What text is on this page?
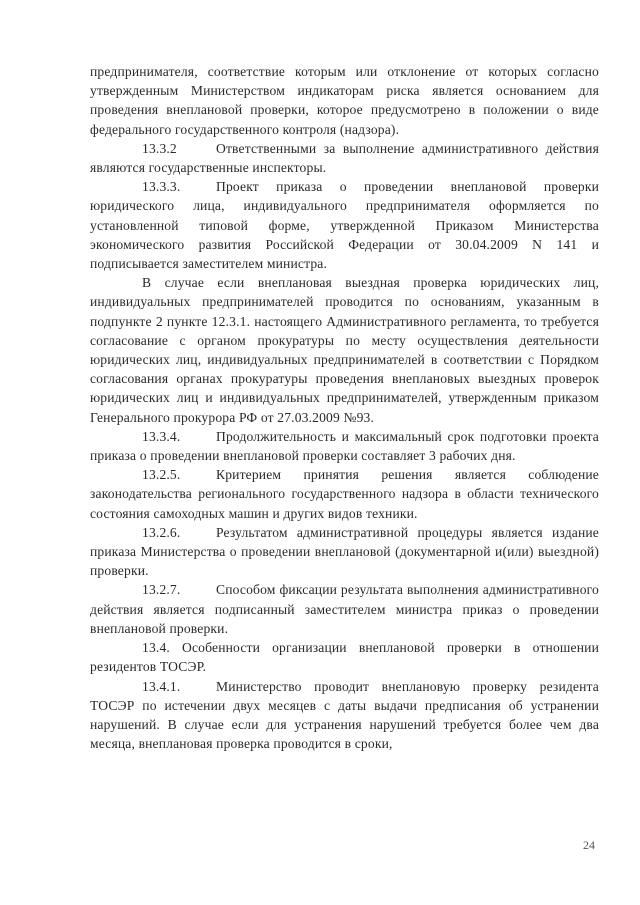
предпринимателя, соответствие которым или отклонение от которых согласно утвержденным Министерством индикаторам риска является основанием для проведения внеплановой проверки, которое предусмотрено в положении о виде федерального государственного контроля (надзора).

13.3.2	Ответственными за выполнение административного действия являются государственные инспекторы.

13.3.3.	Проект приказа о проведении внеплановой проверки юридического лица, индивидуального предпринимателя оформляется по установленной типовой форме, утвержденной Приказом Министерства экономического развития Российской Федерации от 30.04.2009 N 141 и подписывается заместителем министра.

В случае если внеплановая выездная проверка юридических лиц, индивидуальных предпринимателей проводится по основаниям, указанным в подпункте 2 пункте 12.3.1. настоящего Административного регламента, то требуется согласование с органом прокуратуры по месту осуществления деятельности юридических лиц, индивидуальных предпринимателей в соответствии с Порядком согласования органах прокуратуры проведения внеплановых выездных проверок юридических лиц и индивидуальных предпринимателей, утвержденным приказом Генерального прокурора РФ от 27.03.2009 №93.

13.3.4.	Продолжительность и максимальный срок подготовки проекта приказа о проведении внеплановой проверки составляет 3 рабочих дня.

13.2.5.	Критерием принятия решения является соблюдение законодательства регионального государственного надзора в области технического состояния самоходных машин и других видов техники.

13.2.6.	Результатом административной процедуры является издание приказа Министерства о проведении внеплановой (документарной и(или) выездной) проверки.

13.2.7.	Способом фиксации результата выполнения административного действия является подписанный заместителем министра приказ о проведении внеплановой проверки.

13.4. Особенности организации внеплановой проверки в отношении резидентов ТОСЭР.

13.4.1.	Министерство проводит внеплановую проверку резидента ТОСЭР по истечении двух месяцев с даты выдачи предписания об устранении нарушений. В случае если для устранения нарушений требуется более чем два месяца, внеплановая проверка проводится в сроки,

24
